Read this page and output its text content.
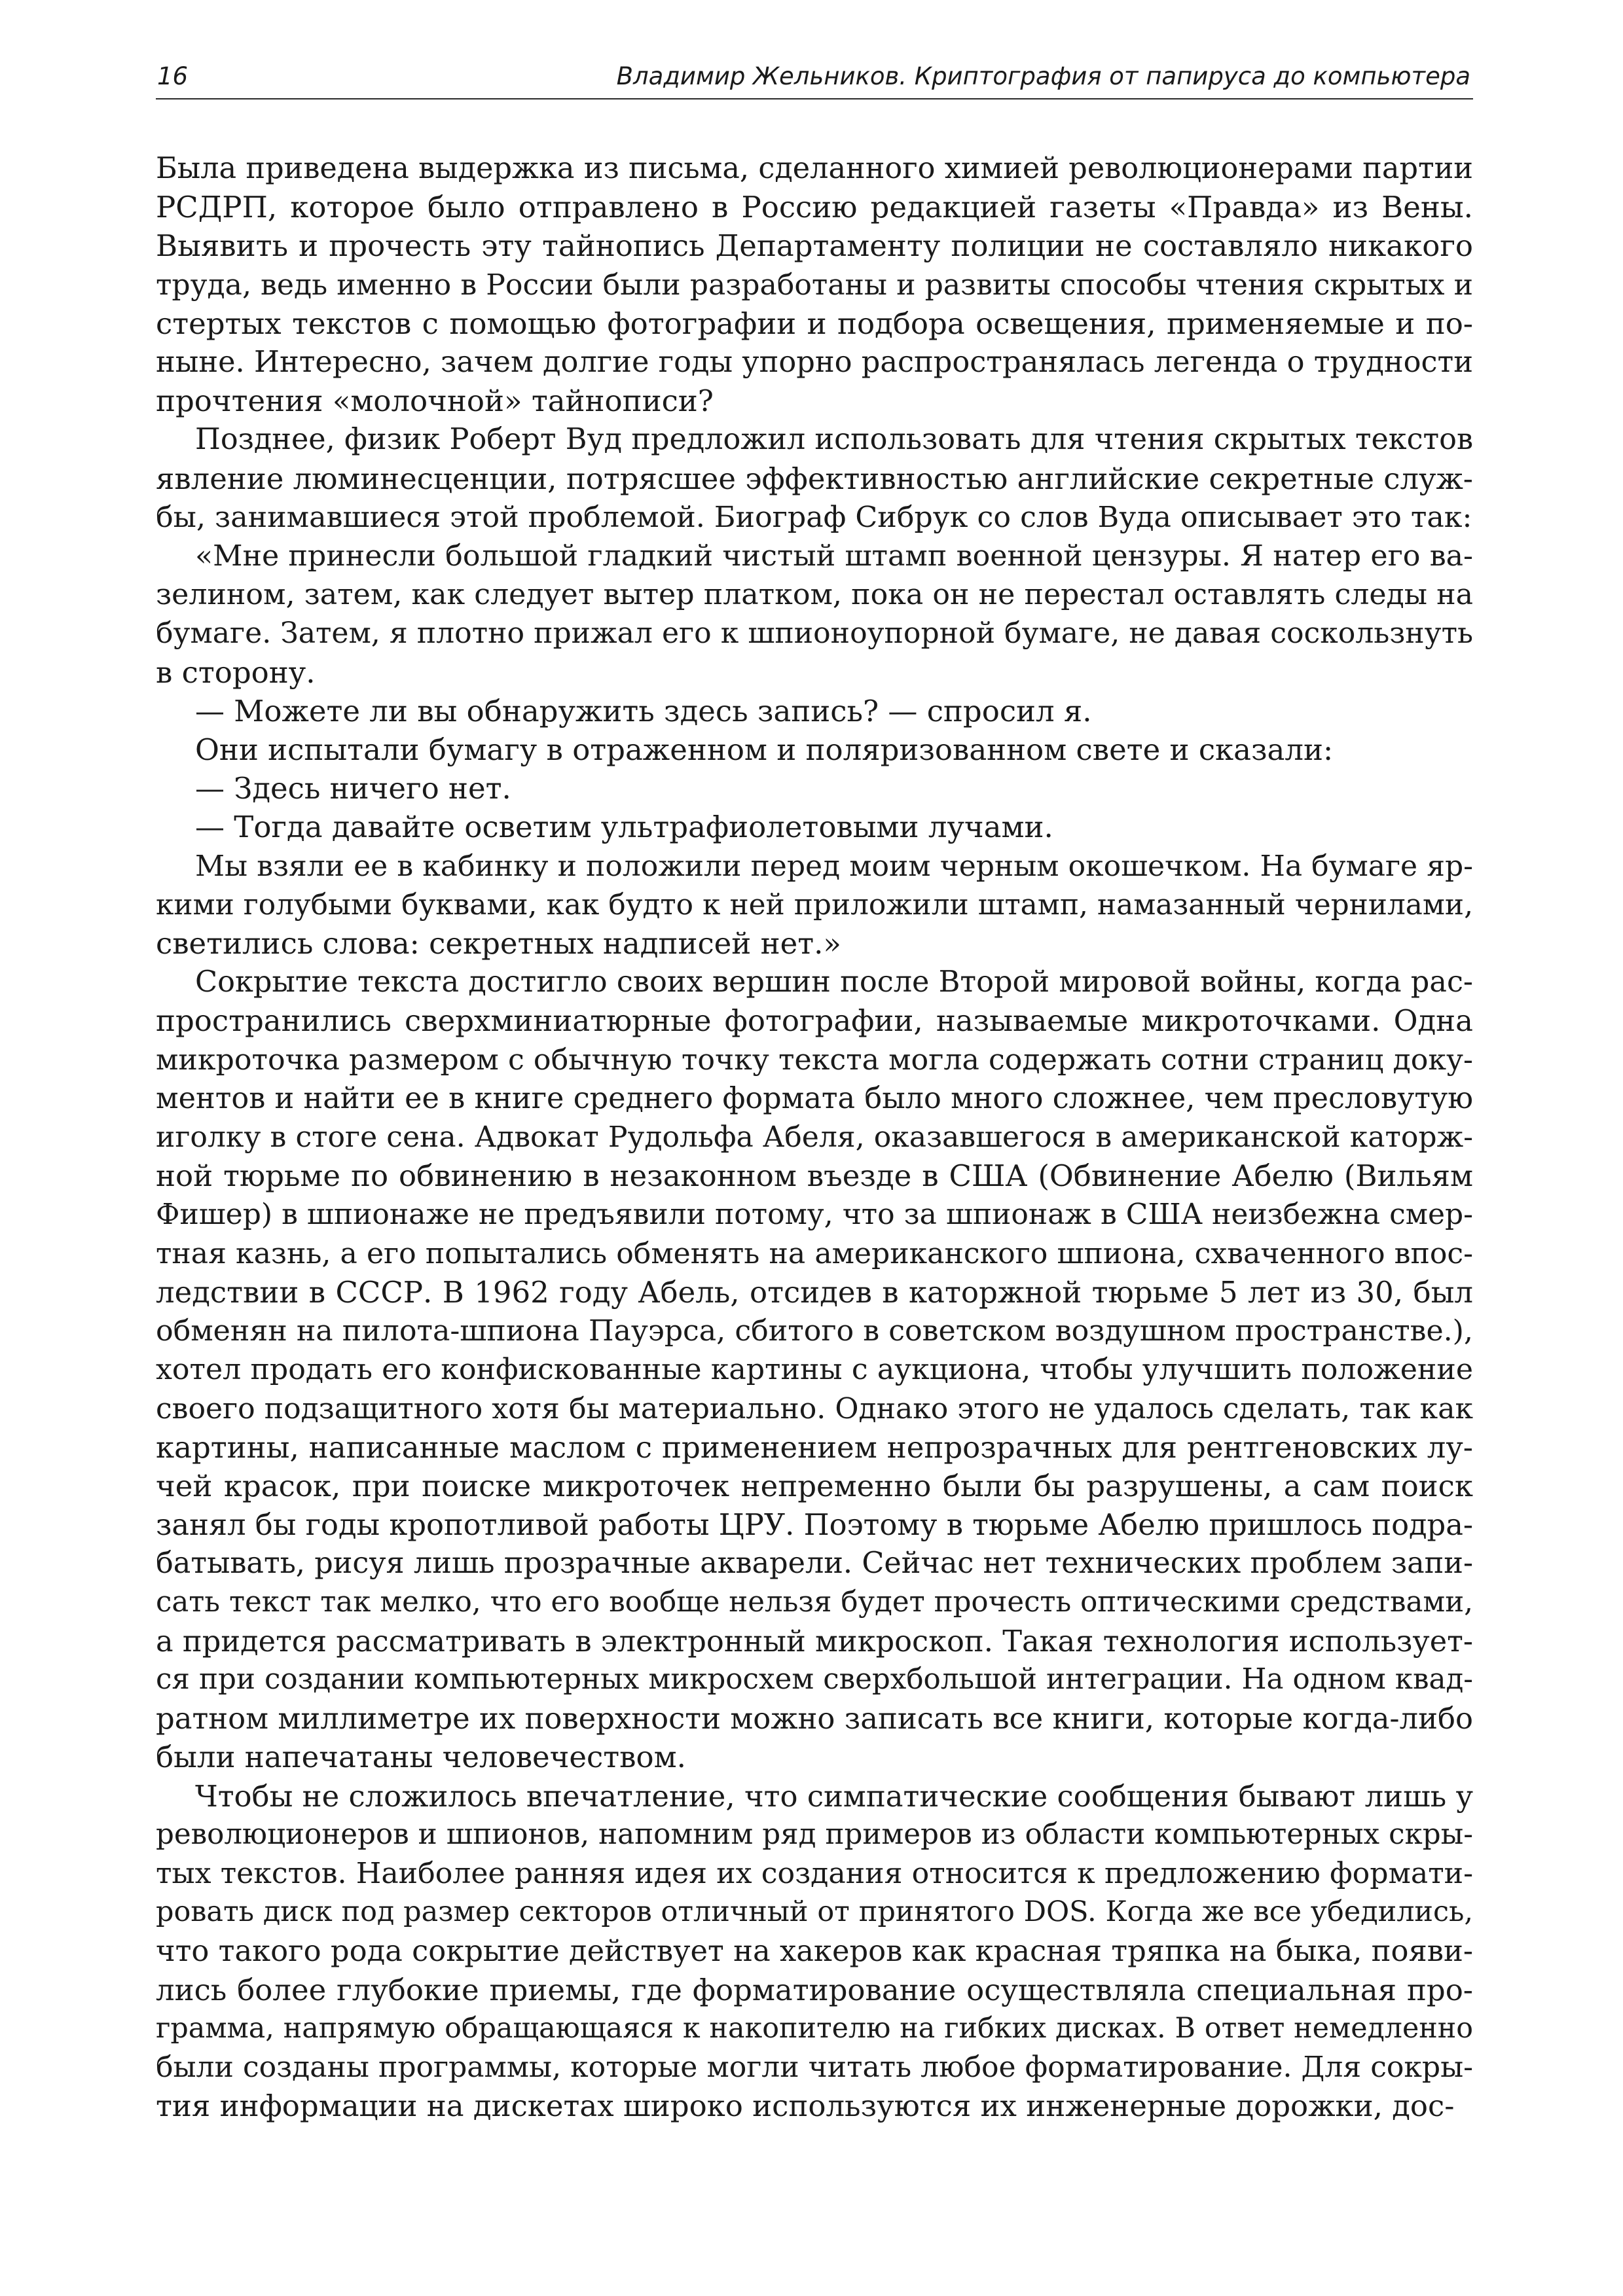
16	Владимир Жельников. Криптография от папируса до компьютера
Была приведена выдержка из письма, сделанного химией революционерами партии
РСДРП, которое было отправлено в Россию редакцией газеты «Правда» из Вены.
Выявить и прочесть эту тайнопись Департаменту полиции не составляло никакого
труда, ведь именно в России были разработаны и развиты способы чтения скрытых и
стертых текстов с помощью фотографии и подбора освещения, применяемые и по-
ныне. Интересно, зачем долгие годы упорно распространялась легенда о трудности
прочтения «молочной» тайнописи?
Позднее, физик Роберт Вуд предложил использовать для чтения скрытых текстов
явление люминесценции, потрясшее эффективностью английские секретные служ-
бы, занимавшиеся этой проблемой. Биограф Сибрук со слов Вуда описывает это так:
«Мне принесли большой гладкий чистый штамп военной цензуры. Я натер его ва-
зелином, затем, как следует вытер платком, пока он не перестал оставлять следы на
бумаге. Затем, я плотно прижал его к шпионоупорной бумаге, не давая соскользнуть
в сторону.
— Можете ли вы обнаружить здесь запись? — спросил я.
Они испытали бумагу в отраженном и поляризованном свете и сказали:
— Здесь ничего нет.
— Тогда давайте осветим ультрафиолетовыми лучами.
Мы взяли ее в кабинку и положили перед моим черным окошечком. На бумаге яр-
кими голубыми буквами, как будто к ней приложили штамп, намазанный чернилами,
светились слова: секретных надписей нет.»
Сокрытие текста достигло своих вершин после Второй мировой войны, когда рас-
пространились сверхминиатюрные фотографии, называемые микроточками. Одна
микроточка размером с обычную точку текста могла содержать сотни страниц доку-
ментов и найти ее в книге среднего формата было много сложнее, чем пресловутую
иголку в стоге сена. Адвокат Рудольфа Абеля, оказавшегося в американской каторж-
ной тюрьме по обвинению в незаконном въезде в США (Обвинение Абелю (Вильям
Фишер) в шпионаже не предъявили потому, что за шпионаж в США неизбежна смер-
тная казнь, а его попытались обменять на американского шпиона, схваченного впос-
ледствии в СССР. В 1962 году Абель, отсидев в каторжной тюрьме 5 лет из 30, был
обменян на пилота-шпиона Пауэрса, сбитого в советском воздушном пространстве.),
хотел продать его конфискованные картины с аукциона, чтобы улучшить положение
своего подзащитного хотя бы материально. Однако этого не удалось сделать, так как
картины, написанные маслом с применением непрозрачных для рентгеновских лу-
чей красок, при поиске микроточек непременно были бы разрушены, а сам поиск
занял бы годы кропотливой работы ЦРУ. Поэтому в тюрьме Абелю пришлось подра-
батывать, рисуя лишь прозрачные акварели. Сейчас нет технических проблем запи-
сать текст так мелко, что его вообще нельзя будет прочесть оптическими средствами,
а придется рассматривать в электронный микроскоп. Такая технология использует-
ся при создании компьютерных микросхем сверхбольшой интеграции. На одном квад-
ратном миллиметре их поверхности можно записать все книги, которые когда-либо
были напечатаны человечеством.
Чтобы не сложилось впечатление, что симпатические сообщения бывают лишь у
революционеров и шпионов, напомним ряд примеров из области компьютерных скры-
тых текстов. Наиболее ранняя идея их создания относится к предложению формати-
ровать диск под размер секторов отличный от принятого DOS. Когда же все убедились,
что такого рода сокрытие действует на хакеров как красная тряпка на быка, появи-
лись более глубокие приемы, где форматирование осуществляла специальная про-
грамма, напрямую обращающаяся к накопителю на гибких дисках. В ответ немедленно
были созданы программы, которые могли читать любое форматирование. Для сокры-
тия информации на дискетах широко используются их инженерные дорожки, дос-
